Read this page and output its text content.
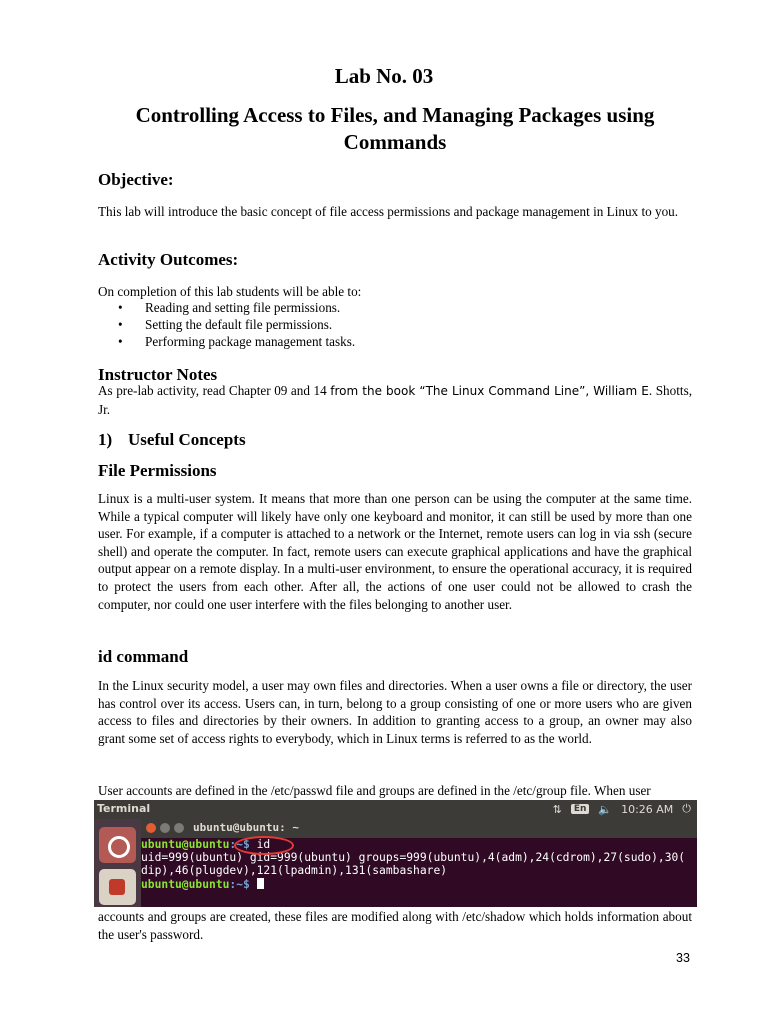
Lab No. 03
Controlling Access to Files, and Managing Packages using Commands
Objective:

This lab will introduce the basic concept of file access permissions and package management in Linux to you.

Activity Outcomes:

On completion of this lab students will be able to:

• Reading and setting file permissions.
• Setting the default file permissions.
• Performing package management tasks.
Instructor Notes

As pre-lab activity, read Chapter 09 and 14 from the book “The Linux Command Line”, William E. Shotts, Jr.

1) Useful Concepts
File Permissions

Linux is a multi-user system. It means that more than one person can be using the computer at the same time. While a typical computer will likely have only one keyboard and monitor, it can still be used by more than one user. For example, if a computer is attached to a network or the Internet, remote users can log in via ssh (secure shell) and operate the computer. In fact, remote users can execute graphical applications and have the graphical output appear on a remote display. In a multi-user environment, to ensure the operational accuracy, it is required to protect the users from each other. After all, the actions of one user could not be allowed to crash the computer, nor could one user interfere with the files belonging to another user.

id command

In the Linux security model, a user may own files and directories. When a user owns a file or directory, the user has control over its access. Users can, in turn, belong to a group consisting of one or more users who are given access to files and directories by their owners. In addition to granting access to a group, an owner may also grant some set of access rights to everybody, which in Linux terms is referred to as the world.

User accounts are defined in the /etc/passwd file and groups are defined in the /etc/group file. When user

Terminal	⇅	En 🔈 10:26 AM ⏻
ubuntu@ubuntu: ~
ubuntu@ubuntu:~$ id
uid=999(ubuntu) gid=999(ubuntu) groups=999(ubuntu),4(adm),24(cdrom),27(sudo),30(
dip),46(plugdev),121(lpadmin),131(sambashare)
ubuntu@ubuntu:~$

accounts and groups are created, these files are modified along with /etc/shadow which holds information about the user's password.

33
